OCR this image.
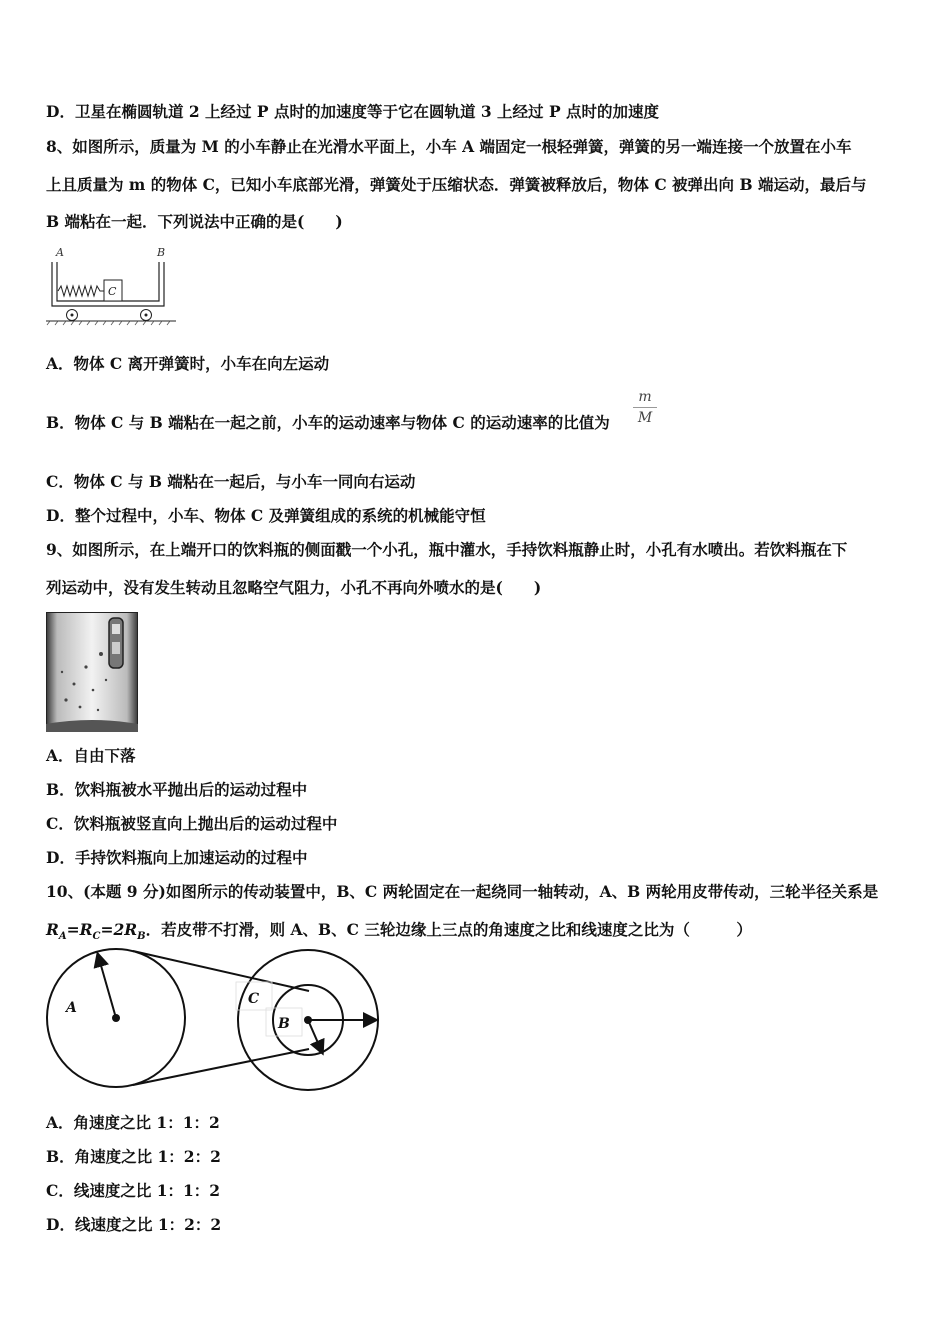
D．卫星在椭圆轨道 2 上经过 P 点时的加速度等于它在圆轨道 3 上经过 P 点时的加速度
8、如图所示，质量为 M 的小车静止在光滑水平面上，小车 A 端固定一根轻弹簧，弹簧的另一端连接一个放置在小车
上且质量为 m 的物体 C，已知小车底部光滑，弹簧处于压缩状态．弹簧被释放后，物体 C 被弹出向 B 端运动，最后与
B 端粘在一起．下列说法中正确的是(　　)
A	B
C
A．物体 C 离开弹簧时，小车在向左运动
B．物体 C 与 B 端粘在一起之前，小车的运动速率与物体 C 的运动速率的比值为
m
M
C．物体 C 与 B 端粘在一起后，与小车一同向右运动
D．整个过程中，小车、物体 C 及弹簧组成的系统的机械能守恒
9、如图所示，在上端开口的饮料瓶的侧面戳一个小孔，瓶中灌水，手持饮料瓶静止时，小孔有水喷出。若饮料瓶在下
列运动中，没有发生转动且忽略空气阻力，小孔不再向外喷水的是(　　)
A．自由下落
B．饮料瓶被水平抛出后的运动过程中
C．饮料瓶被竖直向上抛出后的运动过程中
D．手持饮料瓶向上加速运动的过程中
10、(本题 9 分)如图所示的传动装置中，B、C 两轮固定在一起绕同一轴转动，A、B 两轮用皮带传动，三轮半径关系是
$R_A=R_C=2R_B$．若皮带不打滑，则 A、B、C 三轮边缘上三点的角速度之比和线速度之比为（　　　）
A
C
B
A．角速度之比 1：1：2
B．角速度之比 1：2：2
C．线速度之比 1：1：2
D．线速度之比 1：2：2
